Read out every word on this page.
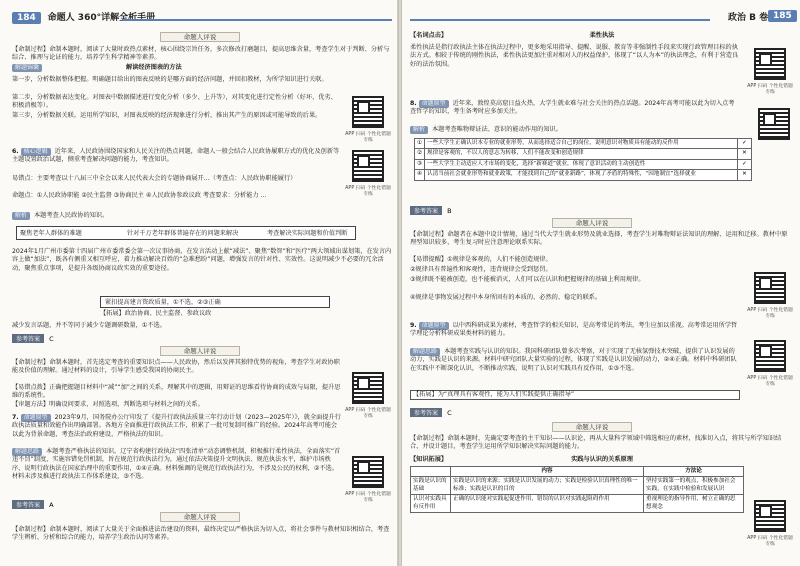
184 命题人 360°详解全析手册
命题人评说
【命制过程】命制本题时，阅读了大量时政热点素材，核心围绕宗旨任务，多次修改打磨题目，提高思维含量，考查学生对于判断、分析与综合、推理与论证的能力，培养学生科学精神等素养。
解题锦囊	解读经济图表的方法
第一步，分析数据整体把握。明确题目给出的图表反映的是哪方面的经济问题，并回扣教材，为所学知识进行关联。
第二步，分析数据表达变化。对图表中数据描述进行变化分析（多少、上升等），对其变化进行定性分析（好坏、优劣、积极消极等）。
第三步，分析数据关联。运用所学知识，对图表反映的经济现象进行分析，推出其产生的原因或可能导致的后果。
APP 扫码 个性化错题专练
6. 核心逻辑 近年来，人民政协围绕国家和人民关注的热点问题，命题人一般会结合人民政协履职方式的优化及创新等主题设置政治试题，侧重考查解决问题的能力，考查知识。
易错点：主要考查以十八届三中全会以来人民代表大会的专题协商展开...（考查点：人民政协职能履行）
命题点：①人民政协职能 ②民主监督 ③协商民主 ④人民政协参政议政 考查要求：分析能力 ...
APP 扫码 个性化错题专练
解析 本题考查人民政协的知识。
聚焦老年人群体的难题	针对千万老年群体普遍存在的问题来解决	考查解决实际问题和价值判断
2024年1月广州市委第十四届广州市委常委会第一次议事协商，在发言活动上献“减法”、聚焦“数智”和“医疗”两大领域出谋划策，在发言内容上做“加法”，既各有侧重又相互呼应，着力推动解决百姓的“急难愁盼”问题，增强发言的针对性、实效性。这说明减少不必要的冗余活动，聚焦重点事项，是提升各级协商议政实效的重要途径。
紧扣提高建言资政质量，①不选，②③正确
【拓展】政治协商、民主监督、参政议政
减少发言话题，并不等同于减少专题调研数量，①不选。
参考答案 C
命题人评说
【命制过程】命制本题时，首先选定考查的重要知识点——人民政协，然后以发挥其独特优势的视角，考查学生对政协职能及价值的理解。通过材料的设计，引导学生感受我国的协商民主。
【易错点拨】正确把握题目材料中“减”“加”之间的关系，理解其中的逻辑，用辩证的思维看待协商的成效与局限，提升思维的系统性。
【审题方法】明确设问要求，对照选项，判断选项与材料之间的关系。
APP 扫码 个性化错题专练
7. 命题原型 2023年9月，国务院办公厅印发了《提升行政执法质量三年行动计划（2023—2025年）》，就全面提升行政执法质量和效能作出明确部署。各地方全面推进行政执法工作，积累了一批可复制可推广的经验。2024年高考可能会以此为背景命题，考查法治政府建设、严格执法的知识。
解题思路 本题考查严格执法的知识。辽宁省构建行政执法“四张清单”动态调整机制，积极推行柔性执法，全面落实“首违不罚”制度，实施容错免罚机制，旨在规范行政执法行为，通过依法决策提升文明执法、规范执法水平，维护市场秩序，说明行政执法在国家治理中的重要作用，①④正确。材料强调的是规范行政执法行为，不涉及公民的权利，②不选。材料未涉及推进行政执法工作体系建设，③不选。
APP 扫码 个性化错题专练
参考答案 A
命题人评说
【命制过程】命制本题时，阅读了大量关于全面推进法治建设的资料，最终决定以严格执法为切入点，将社会事件与教材知识相结合，考查学生辨析、分析和综合的能力，培养学生政治认同等素养。
政治 B 卷 185
【名词点击】	柔性执法
柔性执法是指行政执法主体在执法过程中，更多地采用指导、提醒、说服、教育等非强制性手段来实现行政管理目标的执法方式。相较于传统的刚性执法，柔性执法更加注重对相对人的权益保护，体现了“以人为本”的执法理念，有利于营造良好的法治氛围。
APP 扫码 个性化错题专练
8. 命题原型 近年来，敦煌莫高窟日益火热，大学生就业难与社会关注的热点话题。2024年高考可能以此为切入点考查哲学的知识，考生备考时应多加关注。
解析 本题考查唯物辩证法、意识的能动作用的知识。
①	一些大学生正确认识本专业的就业形势，从而选择适合自己的岗位，说明意识对物质具有能动的反作用	✓
②	规律是客观的，不以人的意志为转移，人们不能改变和创造规律	✕
③	一些大学生主动适应人才市场的变化，选择“新赛道”就业，体现了意识活动的主动创造性	✓
④	认清当前社会就业形势和就业政策，才能找到自己的“就业新路”，体现了矛盾的特殊性，“因地制宜”选择就业	✕
参考答案 B
命题人评说
【命制过程】命题者在本题中设计情境，通过当代大学生就业形势及就业选择，考查学生对唯物辩证法知识的理解、运用和迁移。教材中原理型知识较多，考生复习时应注意理论联系实际。
【易错提醒】①规律是客观的，人们不能创造规律。
②规律具有普遍性和客观性，违背规律会受到惩罚。
③规律既不能被创造，也不能被消灭，人们可以在认识和把握规律的基础上利用规律。
④规律是事物发展过程中本身所固有的本质的、必然的、稳定的联系。
APP 扫码 个性化错题专练
9. 命题原型 以中西科研成果为素材，考查哲学的相关知识，是高考常见的考法，考生应加以重视。高考常运用所学哲学理论分析科研成果类材料的能力。
解题思路 本题考查实践与认识的知识。我国科研团队曾多次考察，对于实现了无核氢弹技术突破，提供了认识发展的动力，实践是认识的来源。材料中研究团队大量实验的过程，体现了实践是认识发展的动力，②④正确。材料中科研团队在实践中不断深化认识，不断推动实践，说明了认识对实践具有反作用，①③不选。
【拓展】为“真理具有客观性，能为人们实践提供正确指导”
APP 扫码 个性化错题专练
参考答案 C
命题人评说
【命制过程】命制本题时，先确定要考查的主干知识——认识论，再从大量科学领域中筛选相应的素材，找准切入点，将其与所学知识结合，并设计题目，考查学生运用所学知识解决实际问题的能力。
【知识拓展】	实践与认识的关系原理
	内容	方法论
实践是认识的基础	实践是认识的来源；实践是认识发展的动力；实践是检验认识真理性的唯一标准；实践是认识的目的	坚持实践第一的观点，积极参加社会实践，在实践中检验和发展认识
认识对实践具有反作用	正确的认识能对实践起促进作用，错误的认识对实践起阻碍作用	重视理论的指导作用，树立正确的思想观念
APP 扫码 个性化错题专练
